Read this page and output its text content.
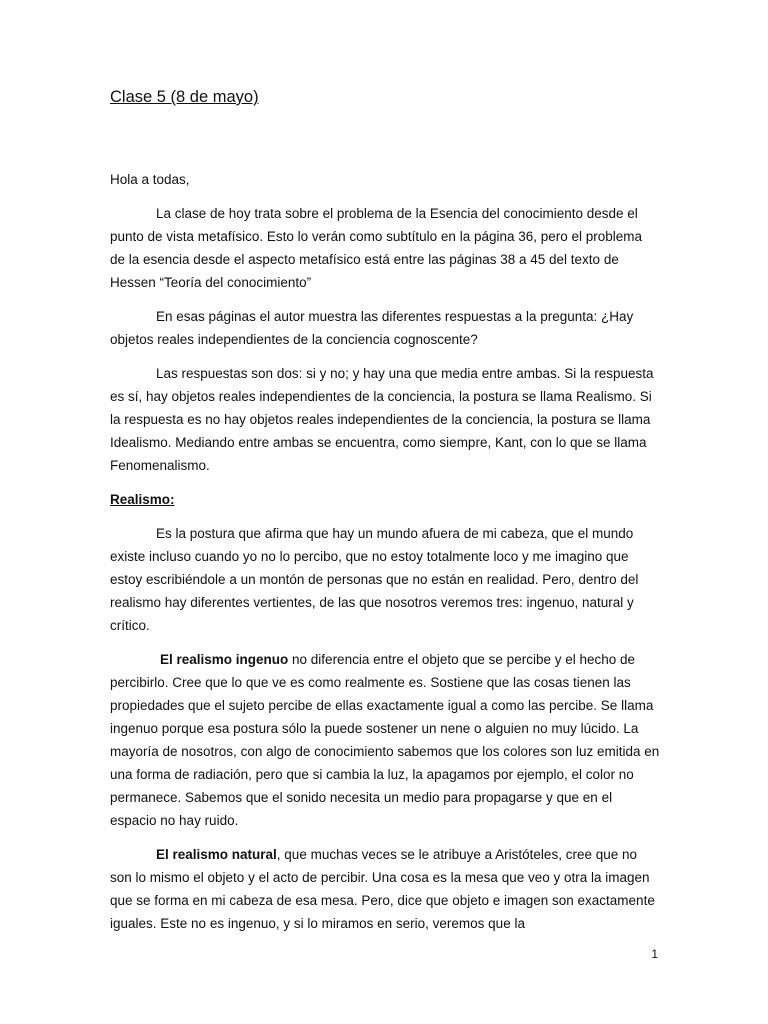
Clase 5 (8 de mayo)
Hola a todas,

La clase de hoy trata sobre el problema de la Esencia del conocimiento desde el punto de vista metafísico. Esto lo verán como subtítulo en la página 36, pero el problema de la esencia desde el aspecto metafísico está entre las páginas 38 a 45 del texto de Hessen “Teoría del conocimiento”

En esas páginas el autor muestra las diferentes respuestas a la pregunta: ¿Hay objetos reales independientes de la conciencia cognoscente?

Las respuestas son dos: si y no; y hay una que media entre ambas. Si la respuesta es sí, hay objetos reales independientes de la conciencia, la postura se llama Realismo. Si la respuesta es no hay objetos reales independientes de la conciencia, la postura se llama Idealismo. Mediando entre ambas se encuentra, como siempre, Kant, con lo que se llama Fenomenalismo.

Realismo:

Es la postura que afirma que hay un mundo afuera de mi cabeza, que el mundo existe incluso cuando yo no lo percibo, que no estoy totalmente loco y me imagino que estoy escribiéndole a un montón de personas que no están en realidad. Pero, dentro del realismo hay diferentes vertientes, de las que nosotros veremos tres: ingenuo, natural y crítico.

El realismo ingenuo no diferencia entre el objeto que se percibe y el hecho de percibirlo. Cree que lo que ve es como realmente es. Sostiene que las cosas tienen las propiedades que el sujeto percibe de ellas exactamente igual a como las percibe. Se llama ingenuo porque esa postura sólo la puede sostener un nene o alguien no muy lúcido. La mayoría de nosotros, con algo de conocimiento sabemos que los colores son luz emitida en una forma de radiación, pero que si cambia la luz, la apagamos por ejemplo, el color no permanece. Sabemos que el sonido necesita un medio para propagarse y que en el espacio no hay ruido.

El realismo natural, que muchas veces se le atribuye a Aristóteles, cree que no son lo mismo el objeto y el acto de percibir. Una cosa es la mesa que veo y otra la imagen que se forma en mi cabeza de esa mesa. Pero, dice que objeto e imagen son exactamente iguales. Este no es ingenuo, y si lo miramos en serio, veremos que la

1
